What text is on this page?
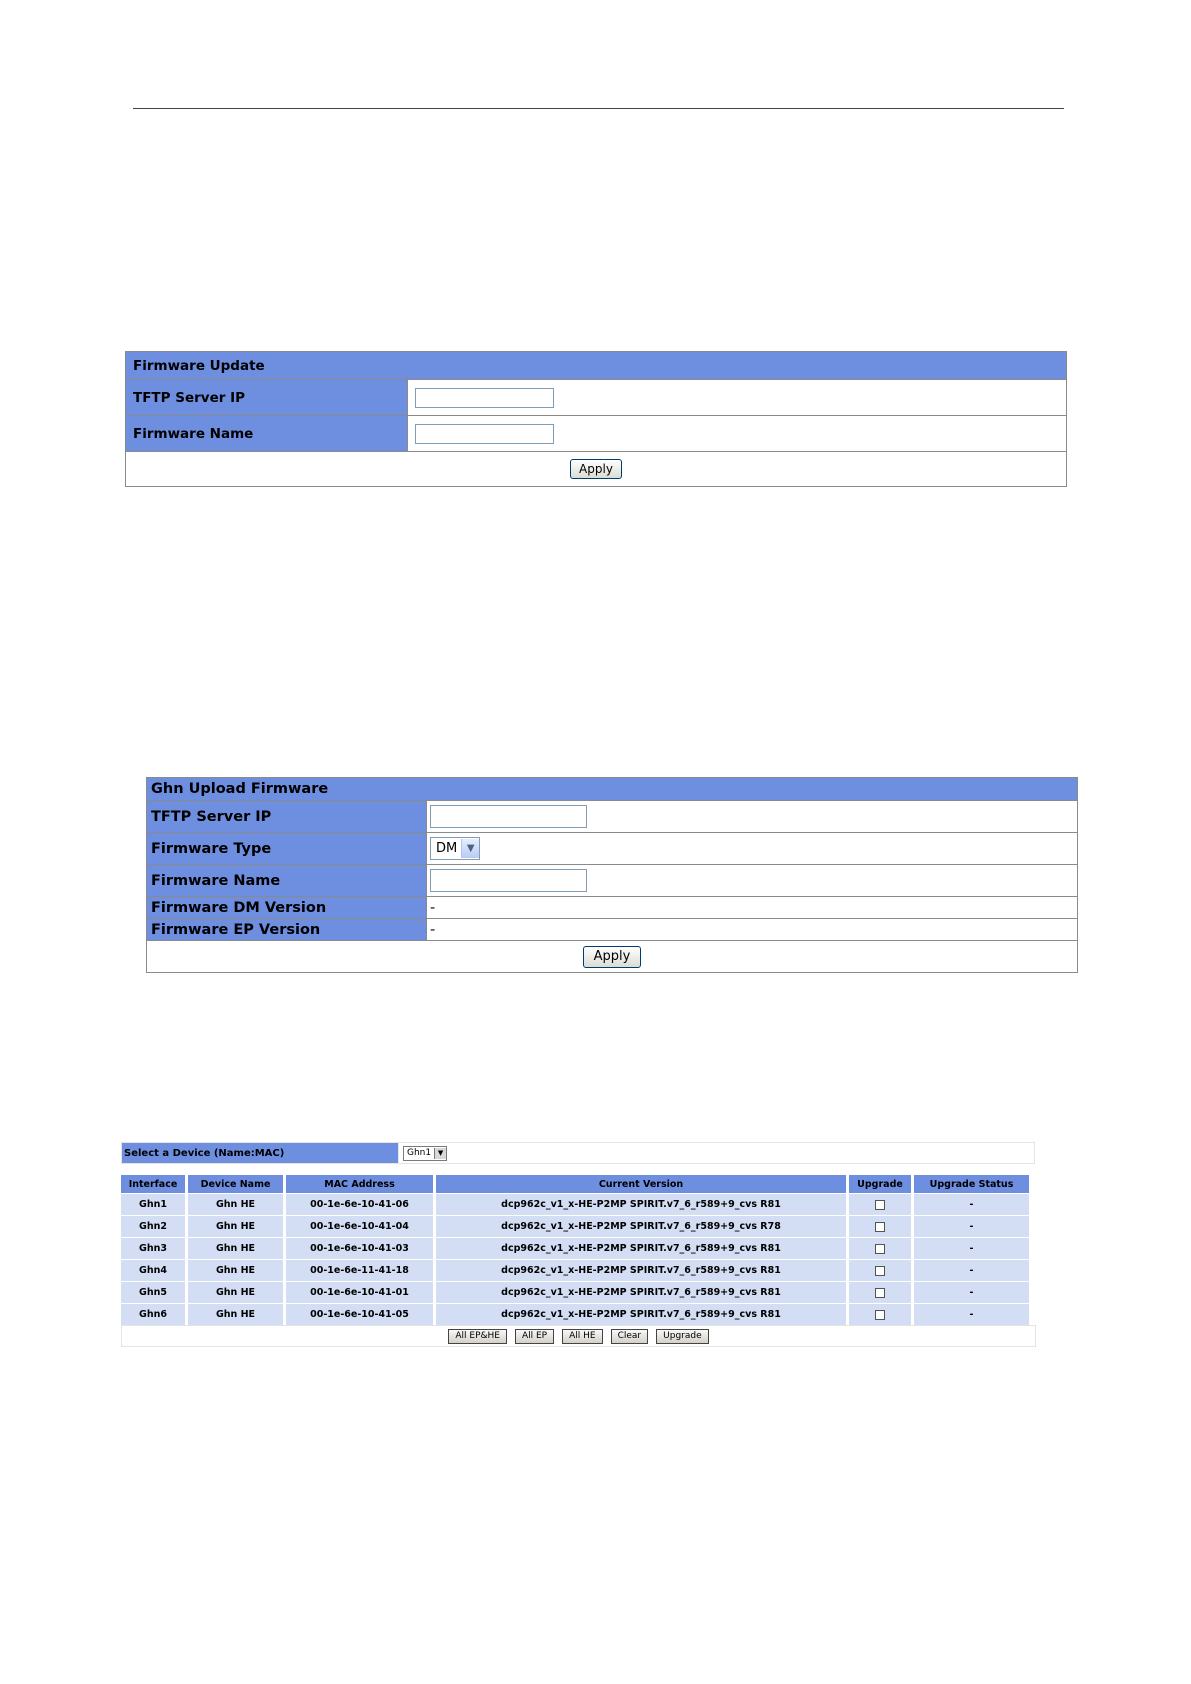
Firmware Update	
TFTP Server IP	

Firmware Name	

Apply	
Ghn Upload Firmware	
TFTP Server IP	

Firmware Type	DM ▼

Firmware Name	

Firmware DM Version	-
Firmware EP Version	-
Apply	
Select a Device (Name:MAC)	Ghn1 ▼
Interface	Device Name	MAC Address	Current Version	Upgrade	Upgrade Status
Ghn1	Ghn HE	00-1e-6e-10-41-06	dcp962c_v1_x-HE-P2MP SPIRIT.v7_6_r589+9_cvs R81		-
Ghn2	Ghn HE	00-1e-6e-10-41-04	dcp962c_v1_x-HE-P2MP SPIRIT.v7_6_r589+9_cvs R78		-
Ghn3	Ghn HE	00-1e-6e-10-41-03	dcp962c_v1_x-HE-P2MP SPIRIT.v7_6_r589+9_cvs R81		-
Ghn4	Ghn HE	00-1e-6e-11-41-18	dcp962c_v1_x-HE-P2MP SPIRIT.v7_6_r589+9_cvs R81		-
Ghn5	Ghn HE	00-1e-6e-10-41-01	dcp962c_v1_x-HE-P2MP SPIRIT.v7_6_r589+9_cvs R81		-
Ghn6	Ghn HE	00-1e-6e-10-41-05	dcp962c_v1_x-HE-P2MP SPIRIT.v7_6_r589+9_cvs R81		-
All EP&HE	All EP	All HE	Clear	Upgrade
